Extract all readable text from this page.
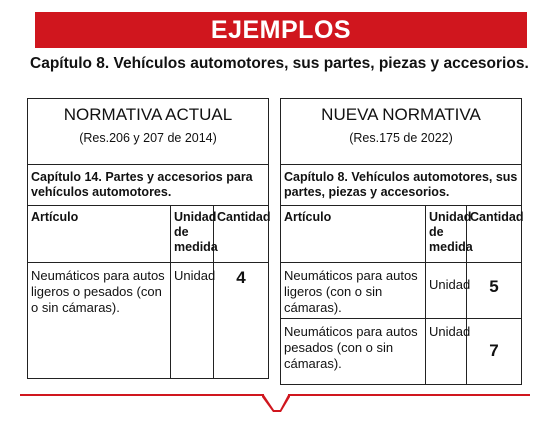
EJEMPLOS
Capítulo 8. Vehículos automotores, sus partes, piezas y accesorios.
NORMATIVA ACTUAL
(Res.206 y 207 de 2014)		

Capítulo 14. Partes y accesorios para vehículos automotores.		
Artículo	Unidad de medida	Cantidad
Neumáticos para autos ligeros o pesados (con o sin cámaras).	Unidad	4
NUEVA NORMATIVA
(Res.175 de 2022)		

Capítulo 8. Vehículos automotores, sus partes, piezas y accesorios.		
Artículo	Unidad de medida	Cantidad
Neumáticos para autos ligeros (con o sin cámaras).	Unidad	5
Neumáticos para autos pesados (con o sin cámaras).	Unidad	7
